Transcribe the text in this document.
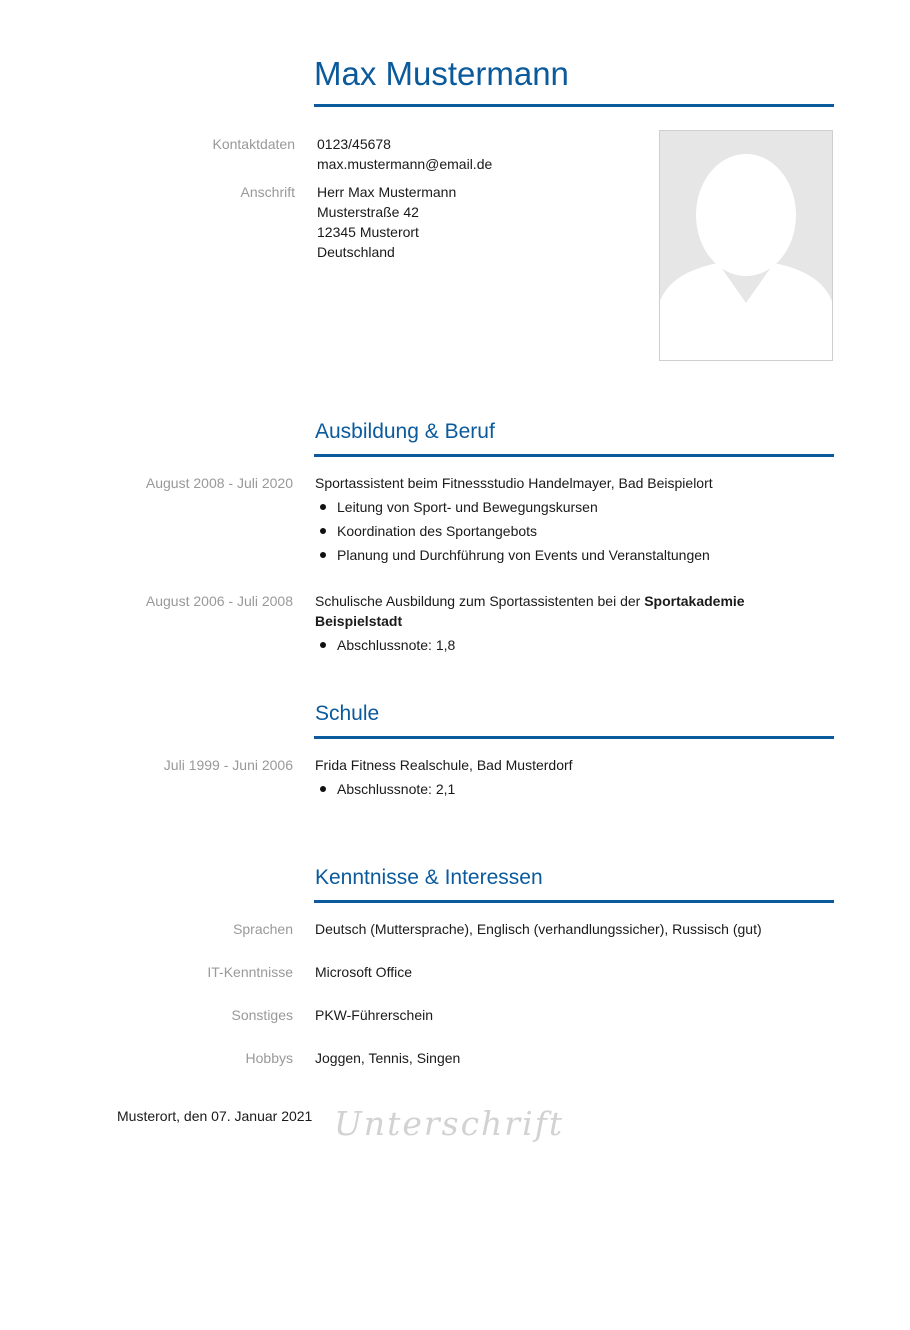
Max Mustermann
Kontaktdaten 0123/45678
max.mustermann@email.de
Anschrift Herr Max Mustermann
Musterstraße 42
12345 Musterort
Deutschland
Ausbildung & Beruf
August 2008 - Juli 2020 Sportassistent beim Fitnessstudio Handelmayer, Bad Beispielort
Leitung von Sport- und Bewegungskursen
Koordination des Sportangebots
Planung und Durchführung von Events und Veranstaltungen
August 2006 - Juli 2008 Schulische Ausbildung zum Sportassistenten bei der Sportakademie
Beispielstadt
Abschlussnote: 1,8
Schule
Juli 1999 - Juni 2006 Frida Fitness Realschule, Bad Musterdorf
Abschlussnote: 2,1
Kenntnisse & Interessen
Sprachen Deutsch (Muttersprache), Englisch (verhandlungssicher), Russisch (gut)
IT-Kenntnisse Microsoft Office
Sonstiges PKW-Führerschein
Hobbys Joggen, Tennis, Singen
Musterort, den 07. Januar 2021 Unterschrift
